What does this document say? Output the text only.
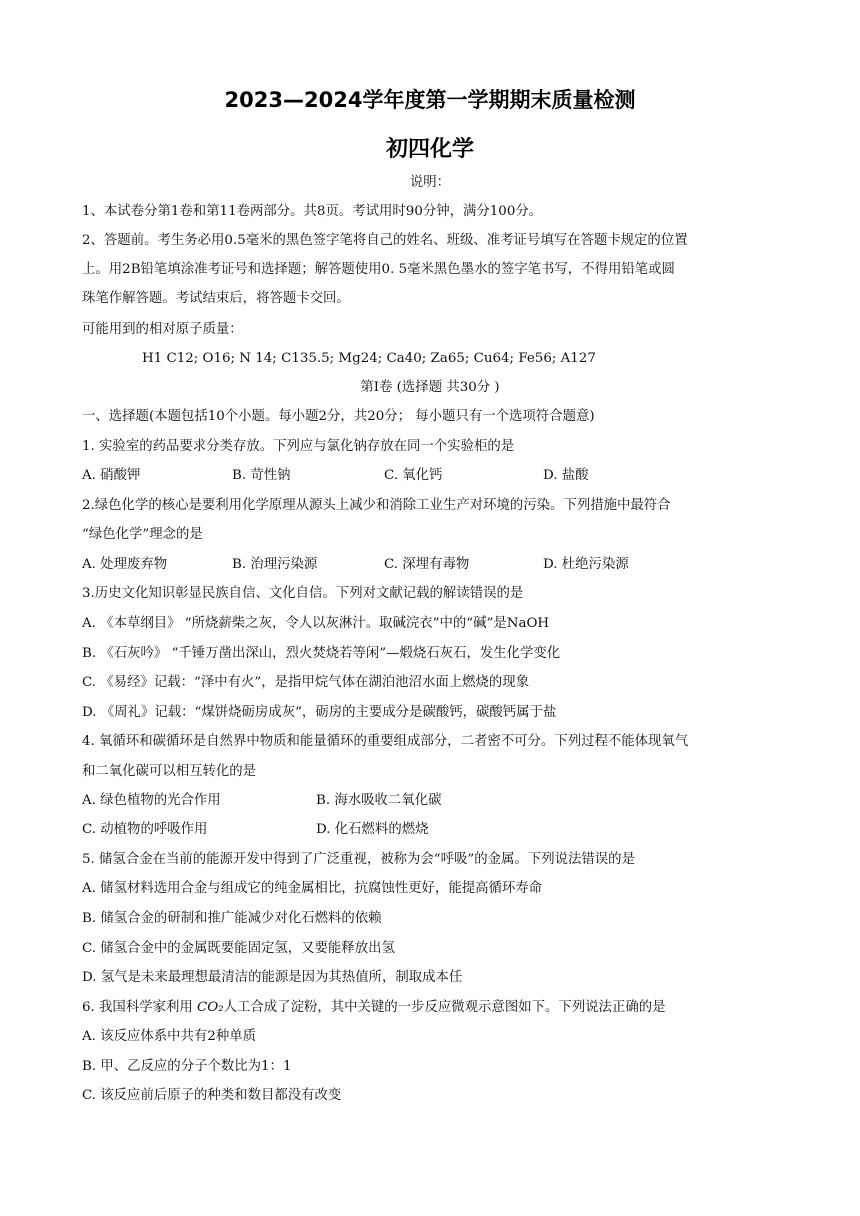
2023—2024学年度第一学期期末质量检测
初四化学
说明：
1、本试卷分第1卷和第11卷两部分。共8页。考试用时90分钟，满分100分。
2、答题前。考生务必用0.5毫米的黑色签字笔将自己的姓名、班级、准考证号填写在答题卡规定的位置
上。用2B铅笔填涂准考证号和选择题；解答题使用0. 5毫米黑色墨水的签字笔书写，不得用铅笔或圆
珠笔作解答题。考试结束后，将答题卡交回。
可能用到的相对原子质量：
H1 C12; O16; N 14; C135.5; Mg24; Ca40; Za65; Cu64; Fe56; A127
第Ⅰ卷 (选择题 共30分 )
一、选择题(本题包括10个小题。每小题2分，共20分； 每小题只有一个选项符合题意)
1. 实验室的药品要求分类存放。下列应与氯化钠存放在同一个实验柜的是
A. 硝酸钾	B. 苛性钠	C. 氧化钙	D. 盐酸
2.绿色化学的核心是要利用化学原理从源头上减少和消除工业生产对环境的污染。下列措施中最符合
“绿色化学”理念的是
A. 处理废弃物	B. 治理污染源	C. 深埋有毒物	D. 杜绝污染源
3.历史文化知识彰显民族自信、文化自信。下列对文献记载的解读错误的是
A. 《本草纲目》 “所烧薪柴之灰，令人以灰淋汁。取碱浣衣”中的“碱”是NaOH
B. 《石灰吟》 “千锤万凿出深山，烈火焚烧若等闲”—煅烧石灰石，发生化学变化
C. 《易经》记载：“泽中有火”，是指甲烷气体在湖泊池沼水面上燃烧的现象
D. 《周礼》记载：“煤饼烧砺房成灰”，砺房的主要成分是碳酸钙，碳酸钙属于盐
4. 氧循环和碳循环是自然界中物质和能量循环的重要组成部分，二者密不可分。下列过程不能体现氧气
和二氧化碳可以相互转化的是
A. 绿色植物的光合作用	B. 海水吸收二氧化碳
C. 动植物的呼吸作用	D. 化石燃料的燃烧
5. 储氢合金在当前的能源开发中得到了广泛重视，被称为会“呼吸”的金属。下列说法错误的是
A. 储氢材料选用合金与组成它的纯金属相比，抗腐蚀性更好，能提高循环寿命
B. 储氢合金的研制和推广能减少对化石燃料的依赖
C. 储氢合金中的金属既要能固定氢，又要能释放出氢
D. 氢气是未来最理想最清洁的能源是因为其热值所，制取成本任
6. 我国科学家利用 CO₂人工合成了淀粉，其中关键的一步反应微观示意图如下。下列说法正确的是
A. 该反应体系中共有2种单质
B. 甲、乙反应的分子个数比为1：1
C. 该反应前后原子的种类和数目都没有改变
